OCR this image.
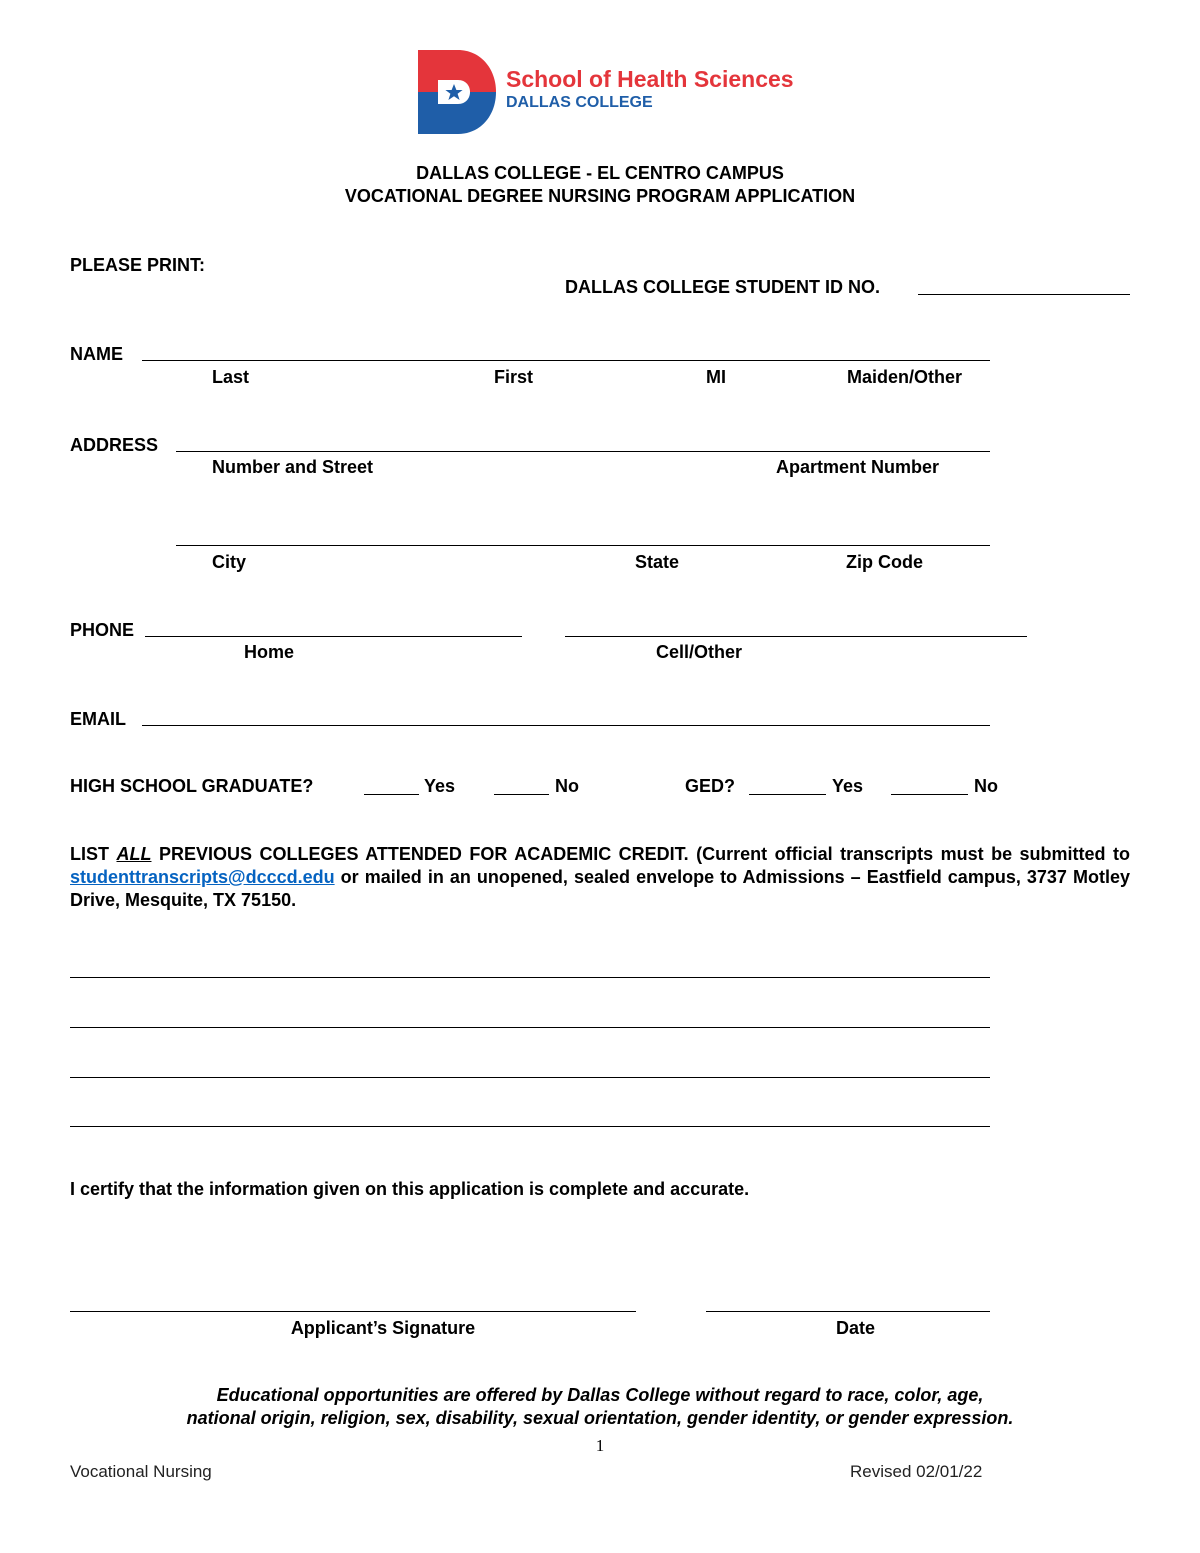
School of Health Sciences
DALLAS COLLEGE
DALLAS COLLEGE - EL CENTRO CAMPUS
VOCATIONAL DEGREE NURSING PROGRAM APPLICATION
PLEASE PRINT:
DALLAS COLLEGE STUDENT ID NO.
NAME
Last	First	MI	Maiden/Other
ADDRESS
Number and Street	Apartment Number
City	State	Zip Code
PHONE
Home	Cell/Other
EMAIL
HIGH SCHOOL GRADUATE?	Yes	No	GED?	Yes	No
LIST ALL PREVIOUS COLLEGES ATTENDED FOR ACADEMIC CREDIT. (Current official transcripts must be submitted to studenttranscripts@dcccd.edu or mailed in an unopened, sealed envelope to Admissions – Eastfield campus, 3737 Motley Drive, Mesquite, TX 75150.
I certify that the information given on this application is complete and accurate.
Applicant’s Signature	Date
Educational opportunities are offered by Dallas College without regard to race, color, age,
national origin, religion, sex, disability, sexual orientation, gender identity, or gender expression.
1
Vocational Nursing	Revised 02/01/22
